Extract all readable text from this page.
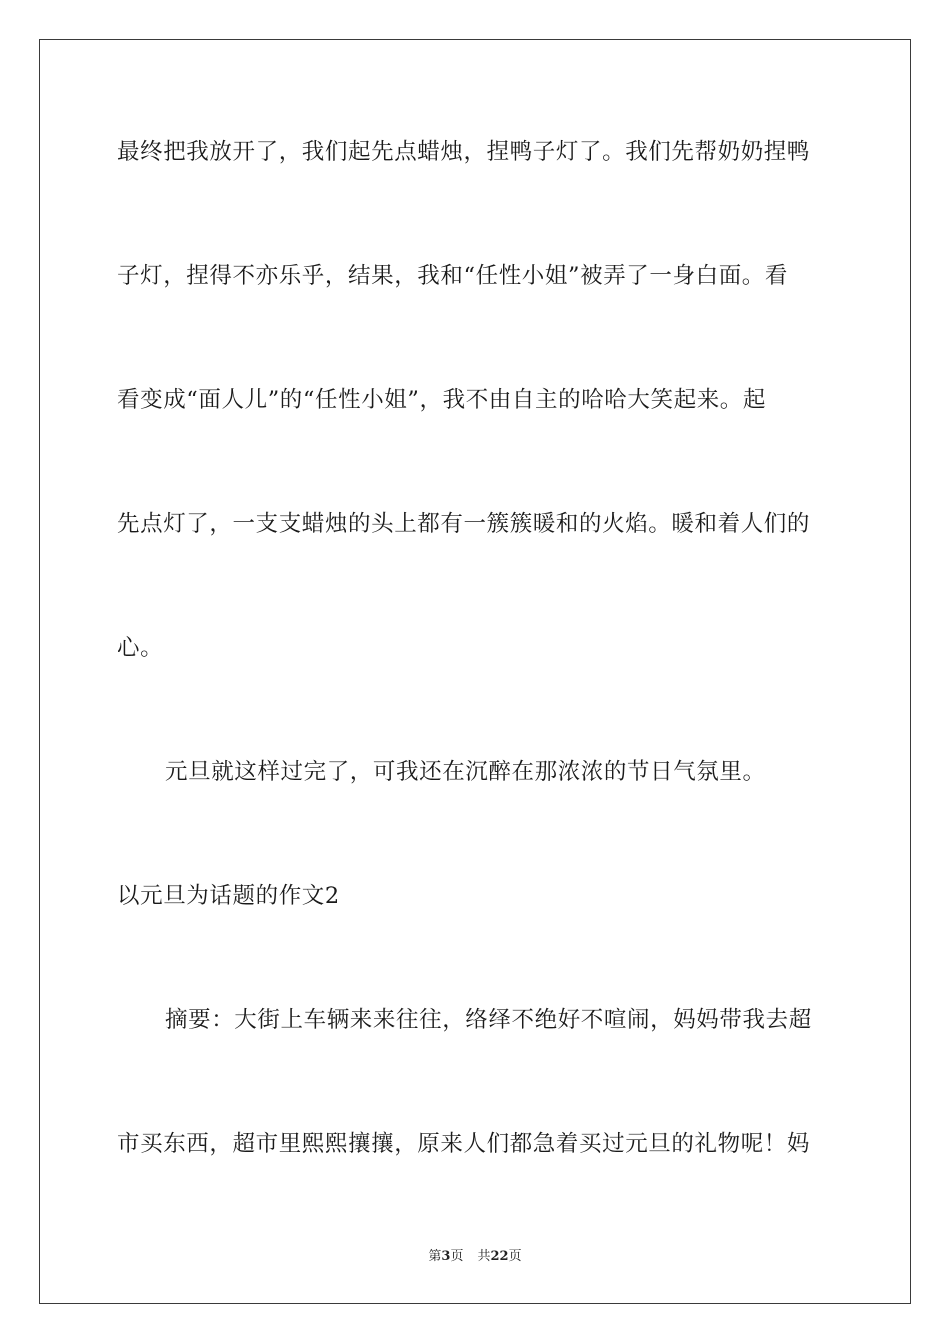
最终把我放开了，我们起先点蜡烛，捏鸭子灯了。我们先帮奶奶捏鸭
子灯，捏得不亦乐乎，结果，我和“任性小姐”被弄了一身白面。看
看变成“面人儿”的“任性小姐”，我不由自主的哈哈大笑起来。起
先点灯了，一支支蜡烛的头上都有一簇簇暖和的火焰。暖和着人们的
心。
元旦就这样过完了，可我还在沉醉在那浓浓的节日气氛里。
以元旦为话题的作文2
摘要：大街上车辆来来往往，络绎不绝好不喧闹，妈妈带我去超
市买东西，超市里熙熙攘攘，原来人们都急着买过元旦的礼物呢！妈
第3页 共22页
